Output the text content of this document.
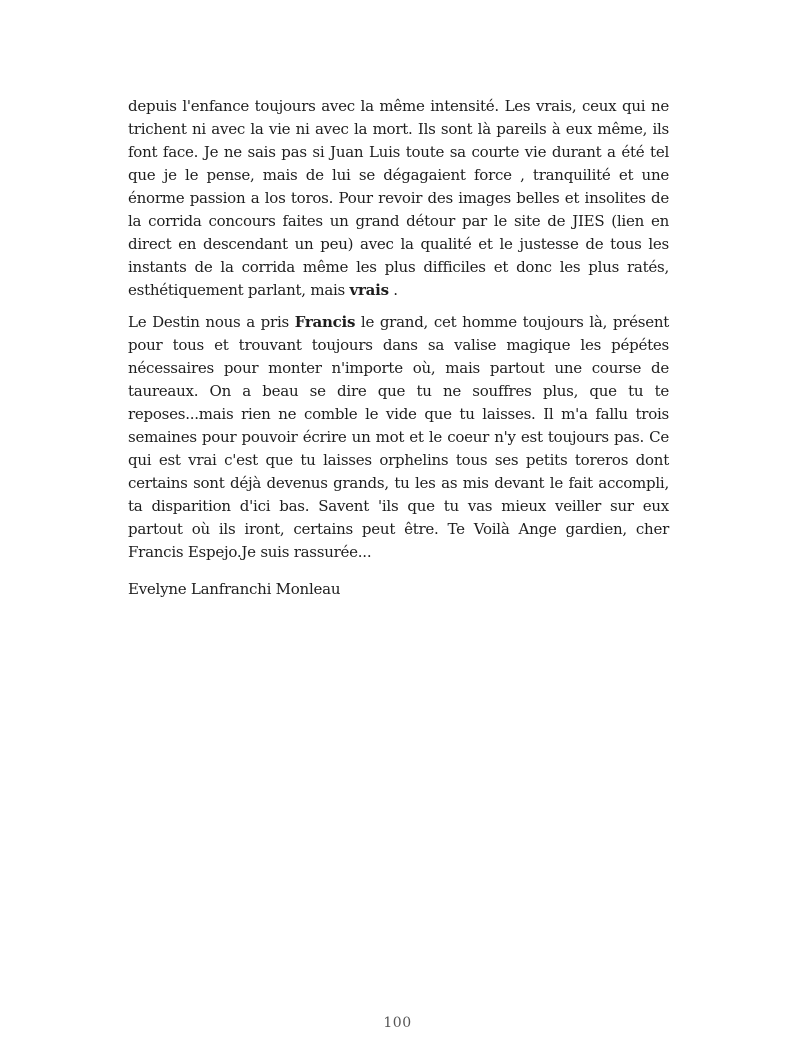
depuis l'enfance toujours avec la même intensité. Les vrais, ceux qui ne trichent ni avec la vie ni avec la mort. Ils sont là pareils à eux même, ils font face. Je ne sais pas si Juan Luis toute sa courte vie durant a été tel que je le pense, mais de lui se dégagaient force , tranquilité et une énorme passion a los toros. Pour revoir des images belles et insolites de la corrida concours faites un grand détour par le site de JIES (lien en direct en descendant un peu) avec la qualité et le justesse de tous les instants de la corrida même les plus difficiles et donc les plus ratés, esthétiquement parlant, mais vrais .

Le Destin nous a pris Francis le grand, cet homme toujours là, présent pour tous et trouvant toujours dans sa valise magique les pépétes nécessaires pour monter n'importe où, mais partout une course de taureaux. On a beau se dire que tu ne souffres plus, que tu te reposes...mais rien ne comble le vide que tu laisses. Il m'a fallu trois semaines pour pouvoir écrire un mot et le coeur n'y est toujours pas. Ce qui est vrai c'est que tu laisses orphelins tous ses petits toreros dont certains sont déjà devenus grands, tu les as mis devant le fait accompli, ta disparition d'ici bas. Savent 'ils que tu vas mieux veiller sur eux partout où ils iront, certains peut être. Te Voilà Ange gardien, cher Francis Espejo.Je suis rassurée...

Evelyne Lanfranchi Monleau

100
